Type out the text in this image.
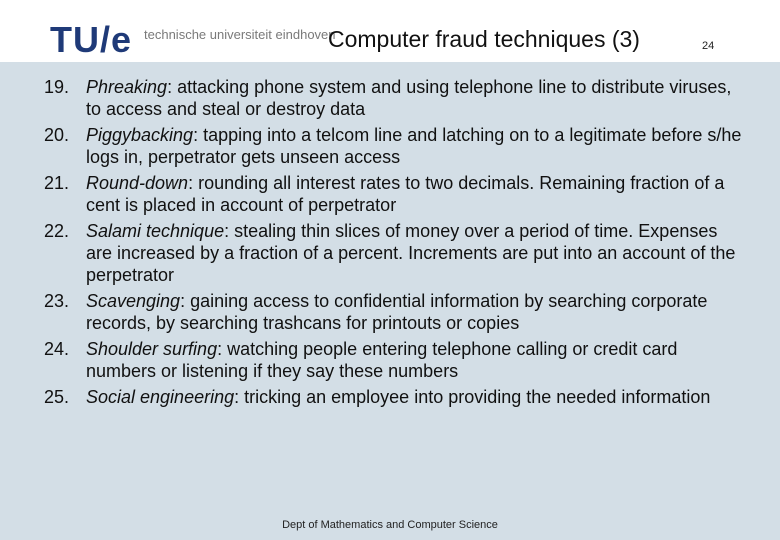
TU/e technische universiteit eindhoven
Computer fraud techniques (3)	24
19. Phreaking: attacking phone system and using telephone line to distribute viruses, to access and steal or destroy data
20. Piggybacking: tapping into a telcom line and latching on to a legitimate before s/he logs in, perpetrator gets unseen access
21. Round-down: rounding all interest rates to two decimals. Remaining fraction of a cent is placed in account of perpetrator
22. Salami technique: stealing thin slices of money over a period of time. Expenses are increased by a fraction of a percent. Increments are put into an account of the perpetrator
23. Scavenging: gaining access to confidential information by searching corporate records, by searching trashcans for printouts or copies
24. Shoulder surfing: watching people entering telephone calling or credit card numbers or listening if they say these numbers
25. Social engineering: tricking an employee into providing the needed information
Dept of Mathematics and Computer Science
